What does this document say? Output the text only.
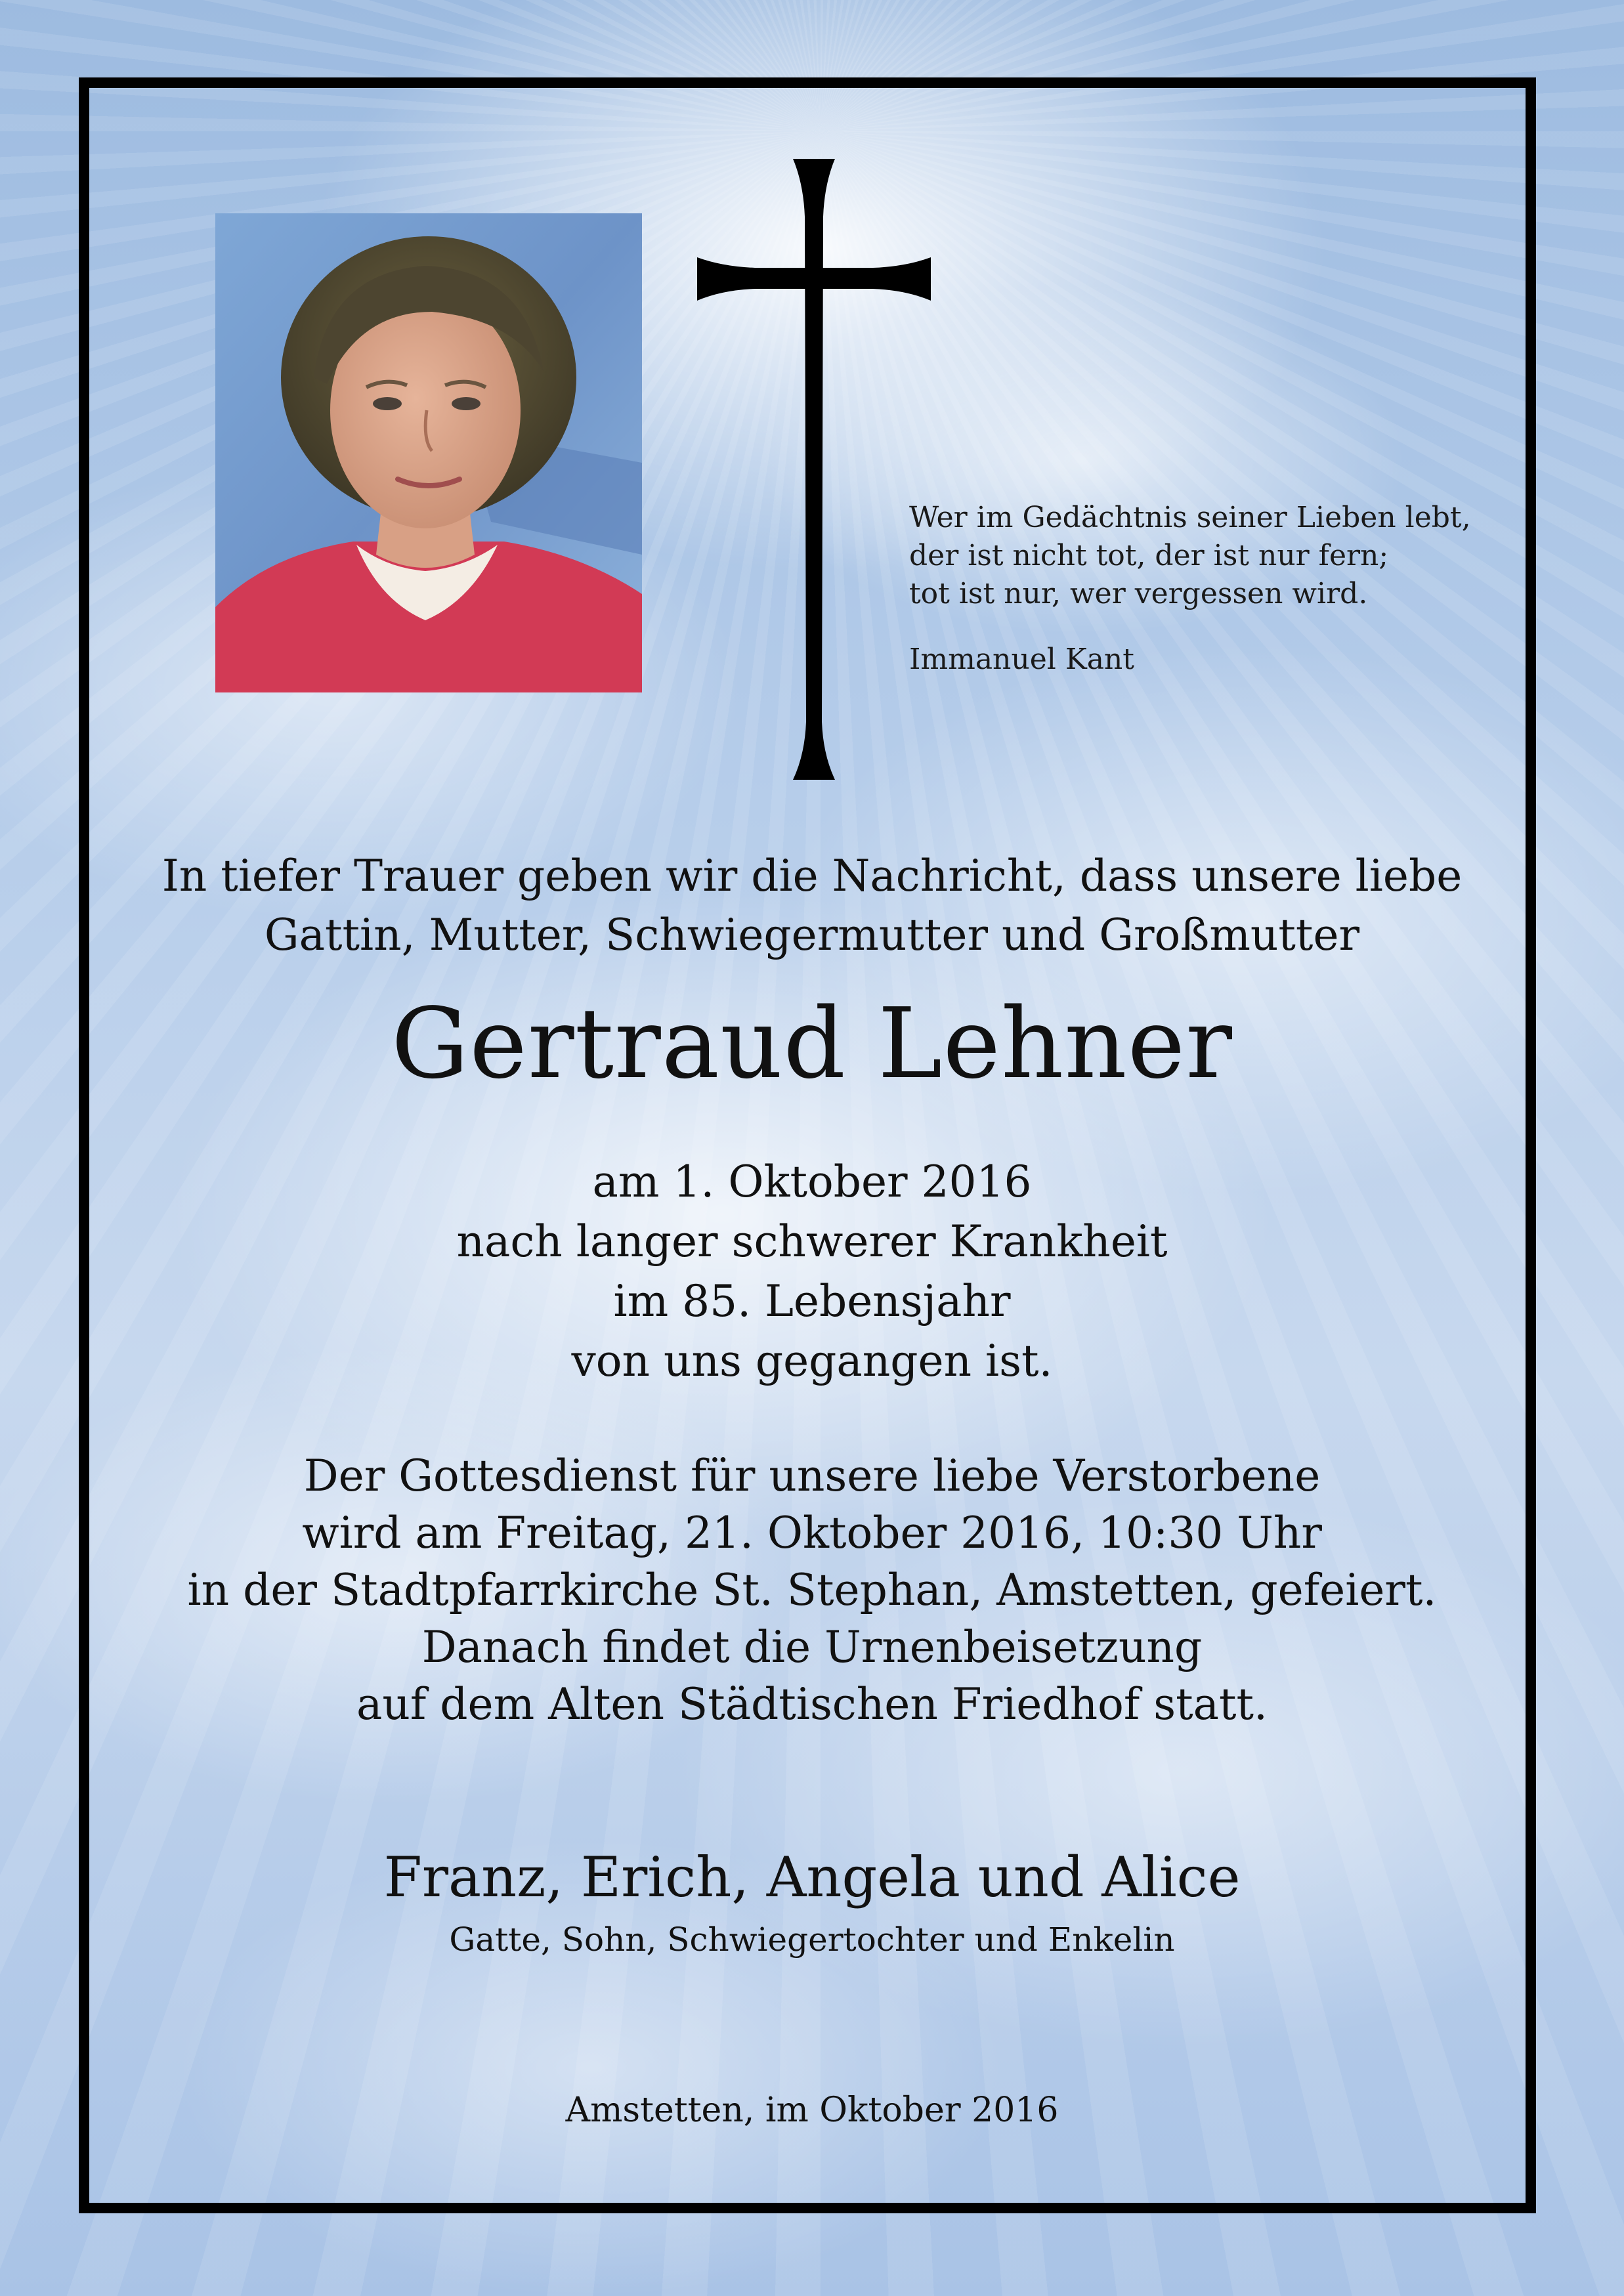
Wer im Gedächtnis seiner Lieben lebt,

der ist nicht tot, der ist nur fern;

tot ist nur, wer vergessen wird.

Immanuel Kant

In tiefer Trauer geben wir die Nachricht, dass unsere liebe

Gattin, Mutter, Schwiegermutter und Großmutter

Gertraud Lehner

am 1. Oktober 2016

nach langer schwerer Krankheit

im 85. Lebensjahr

von uns gegangen ist.

Der Gottesdienst für unsere liebe Verstorbene

wird am Freitag, 21. Oktober 2016, 10:30 Uhr

in der Stadtpfarrkirche St. Stephan, Amstetten, gefeiert.

Danach findet die Urnenbeisetzung

auf dem Alten Städtischen Friedhof statt.

Franz, Erich, Angela und Alice

Gatte, Sohn, Schwiegertochter und Enkelin

Amstetten, im Oktober 2016
